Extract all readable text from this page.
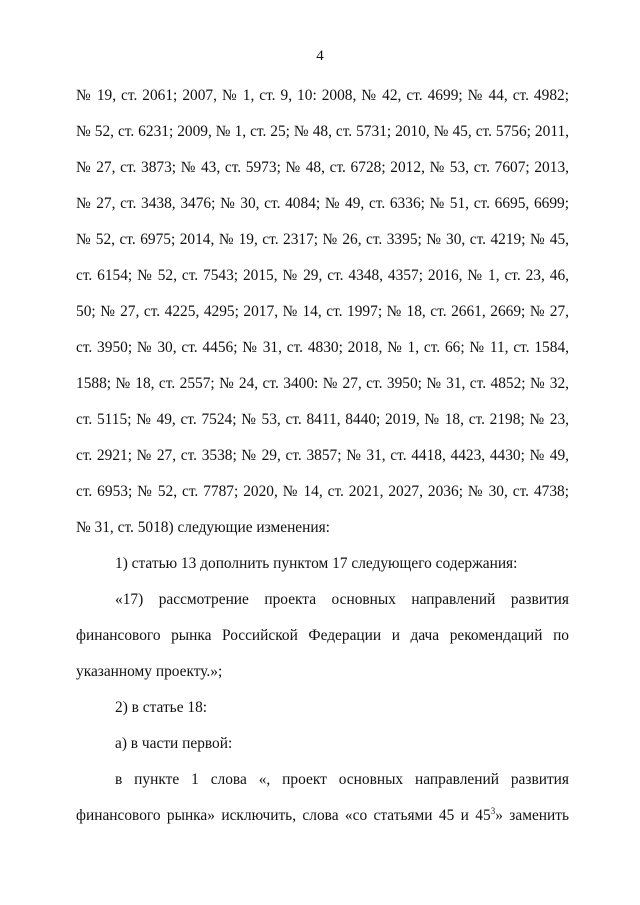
4
№ 19, ст. 2061; 2007, № 1, ст. 9, 10: 2008, № 42, ст. 4699; № 44, ст. 4982;
№ 52, ст. 6231; 2009, № 1, ст. 25; № 48, ст. 5731; 2010, № 45, ст. 5756; 2011,
№ 27, ст. 3873; № 43, ст. 5973; № 48, ст. 6728; 2012, № 53, ст. 7607; 2013,
№ 27, ст. 3438, 3476; № 30, ст. 4084; № 49, ст. 6336; № 51, ст. 6695, 6699;
№ 52, ст. 6975; 2014, № 19, ст. 2317; № 26, ст. 3395; № 30, ст. 4219; № 45,
ст. 6154; № 52, ст. 7543; 2015, № 29, ст. 4348, 4357; 2016, № 1, ст. 23, 46,
50; № 27, ст. 4225, 4295; 2017, № 14, ст. 1997; № 18, ст. 2661, 2669; № 27,
ст. 3950; № 30, ст. 4456; № 31, ст. 4830; 2018, № 1, ст. 66; № 11, ст. 1584,
1588; № 18, ст. 2557; № 24, ст. 3400: № 27, ст. 3950; № 31, ст. 4852; № 32,
ст. 5115; № 49, ст. 7524; № 53, ст. 8411, 8440; 2019, № 18, ст. 2198; № 23,
ст. 2921; № 27, ст. 3538; № 29, ст. 3857; № 31, ст. 4418, 4423, 4430; № 49,
ст. 6953; № 52, ст. 7787; 2020, № 14, ст. 2021, 2027, 2036; № 30, ст. 4738;
№ 31, ст. 5018) следующие изменения:
1) статью 13 дополнить пунктом 17 следующего содержания:
«17) рассмотрение проекта основных направлений развития
финансового рынка Российской Федерации и дача рекомендаций по
указанному проекту.»;
2) в статье 18:
а) в части первой:
в пункте 1 слова «, проект основных направлений развития
финансового рынка» исключить, слова «со статьями 45 и $45^3$» заменить
